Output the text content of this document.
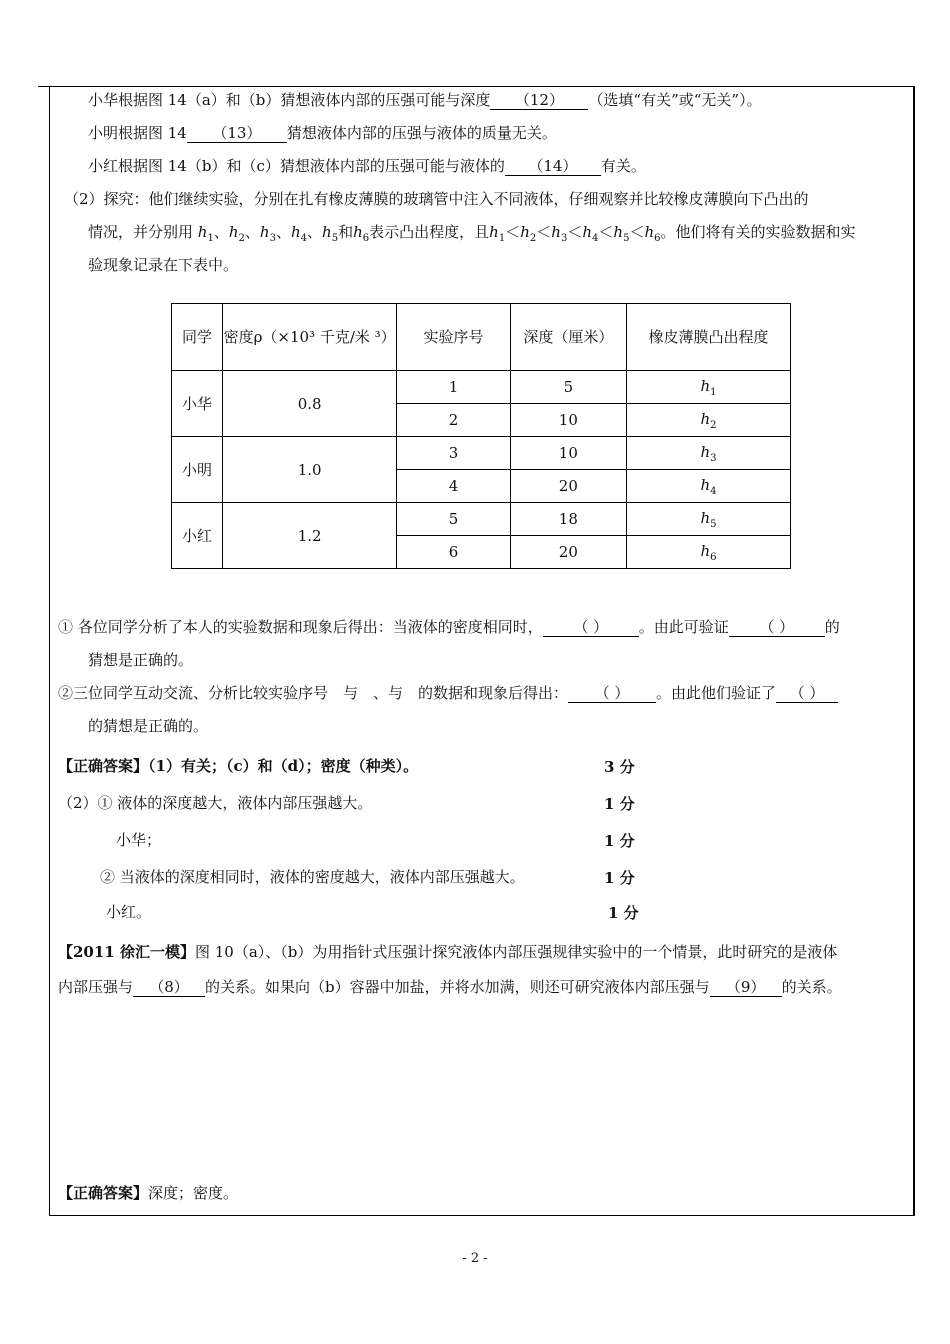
小华根据图 14（a）和（b）猜想液体内部的压强可能与深度 （12） （选填“有关”或“无关”）。
小明根据图 14 （13） 猜想液体内部的压强与液体的质量无关。
小红根据图 14（b）和（c）猜想液体内部的压强可能与液体的 （14） 有关。
（2）探究：他们继续实验，分别在扎有橡皮薄膜的玻璃管中注入不同液体，仔细观察并比较橡皮薄膜向下凸出的
情况，并分别用 $h_1$、$h_2$、$h_3$、$h_4$、$h_5$和$h_6$表示凸出程度，且$h_1<h_2<h_3<h_4<h_5<h_6$。他们将有关的实验数据和实
验现象记录在下表中。
同学	密度ρ（×10³ 千克/米 ³）	实验序号	深度（厘米）	橡皮薄膜凸出程度
小华	0.8	1	5	$h_1$
		2	10	$h_2$
小明	1.0	3	10	$h_3$
		4	20	$h_4$
小红	1.2	5	18	$h_5$
		6	20	$h_6$
① 各位同学分析了本人的实验数据和现象后得出：当液体的密度相同时， （ ） 。由此可验证 （ ） 的
猜想是正确的。
②三位同学互动交流、分析比较实验序号　与　、与　的数据和现象后得出： （ ） 。由此他们验证了 （ ）
的猜想是正确的。
【正确答案】（1）有关；（c）和（d）；密度（种类）。	3 分
（2）① 液体的深度越大，液体内部压强越大。	1 分
小华；	1 分
② 当液体的深度相同时，液体的密度越大，液体内部压强越大。	1 分
小红。	1 分
【2011 徐汇一模】图 10（a）、（b）为用指针式压强计探究液体内部压强规律实验中的一个情景，此时研究的是液体
内部压强与 （8） 的关系。如果向（b）容器中加盐，并将水加满，则还可研究液体内部压强与 （9） 的关系。
【正确答案】深度；密度。
- 2 -
